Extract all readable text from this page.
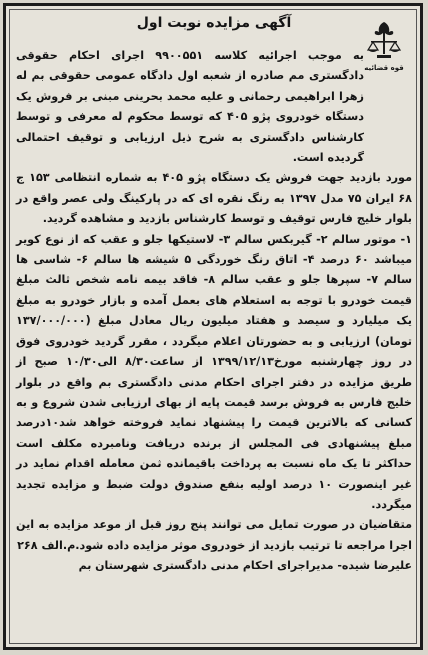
قوه قضائیه
آگهی مزایده نوبت اول

به موجب اجرائیه کلاسه ۹۹۰۰۵۵۱ اجرای احکام حقوقی دادگستری مم صادره از شعبه اول دادگاه عمومی حقوقی بم له زهرا ابراهیمی رحمانی و علیه محمد بحرینی مبنی بر فروش یک دستگاه خودروی پژو ۴۰۵ که توسط محکوم له معرفی و توسط کارشناس دادگستری به شرح ذیل ارزیابی و توقیف احتمالی گردیده است.

مورد بازدید جهت فروش یک دستگاه پژو ۴۰۵ به شماره انتظامی ۱۵۳ ج ۶۸ ایران ۷۵ مدل ۱۳۹۷ به رنگ نقره ای که در پارکینگ ولی عصر واقع در بلوار خلیج فارس توقیف و توسط کارشناس بازدید و مشاهده گردید.

۱- موتور سالم ۲- گیربکس سالم ۳- لاستیکها جلو و عقب که از نوع کویر میباشد ۶۰ درصد ۴- اتاق رنگ خوردگی ۵ شیشه ها سالم ۶- شاسی ها سالم ۷- سپرها جلو و عقب سالم ۸- فاقد بیمه نامه شخص ثالث مبلغ قیمت خودرو با توجه به استعلام های بعمل آمده و بازار خودرو به مبلغ یک میلیارد و سیصد و هفتاد میلیون ریال معادل مبلغ (۱۳۷/۰۰۰/۰۰۰ تومان) ارزیابی و به حضورتان اعلام میگردد ، مقرر گردید خودروی فوق در روز چهارشنبه مورخ۱۳۹۹/۱۲/۱۳ از ساعت۸/۳۰ الی۱۰/۳۰ صبح از طریق مزایده در دفتر اجرای احکام مدنی دادگستری بم واقع در بلوار خلیج فارس به فروش برسد قیمت پایه از بهای ارزیابی شدن شروع و به کسانی که بالاترین قیمت را پیشنهاد نماید فروخته خواهد شد۱۰درصد مبلغ پیشنهادی فی المجلس از برنده دریافت ونامبرده مکلف است حداکثر تا یک ماه نسبت به پرداخت باقیمانده ثمن معامله اقدام نماید در غیر اینصورت ۱۰ درصد اولیه بنفع صندوق دولت ضبط و مزایده تجدید میگردد.

متقاضیان در صورت تمایل می توانند پنج روز قبل از موعد مزایده به این اجرا مراجعه تا ترتیب بازدید از خودروی موثر مزایده داده شود.م.الف ۲۶۸

علیرضا شیده- مدیراجرای احکام مدنی دادگستری شهرستان بم
